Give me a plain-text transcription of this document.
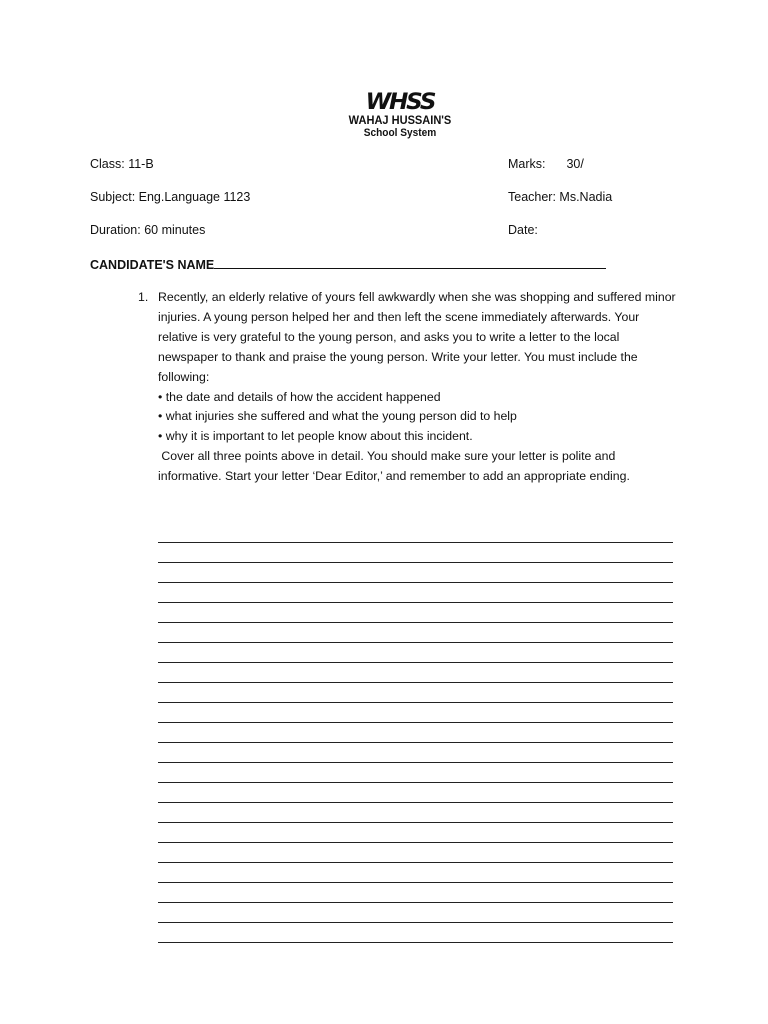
WHSS
WAHAJ HUSSAIN'S
School System
Class: 11-B
Subject: Eng.Language 1123
Duration: 60 minutes
Marks: 30/
Teacher: Ms.Nadia
Date:
CANDIDATE'S NAME
1. Recently, an elderly relative of yours fell awkwardly when she was shopping and suffered minor injuries. A young person helped her and then left the scene immediately afterwards. Your relative is very grateful to the young person, and asks you to write a letter to the local newspaper to thank and praise the young person. Write your letter. You must include the following:

• the date and details of how the accident happened

• what injuries she suffered and what the young person did to help

• why it is important to let people know about this incident.

Cover all three points above in detail. You should make sure your letter is polite and informative. Start your letter ‘Dear Editor,’ and remember to add an appropriate ending.
